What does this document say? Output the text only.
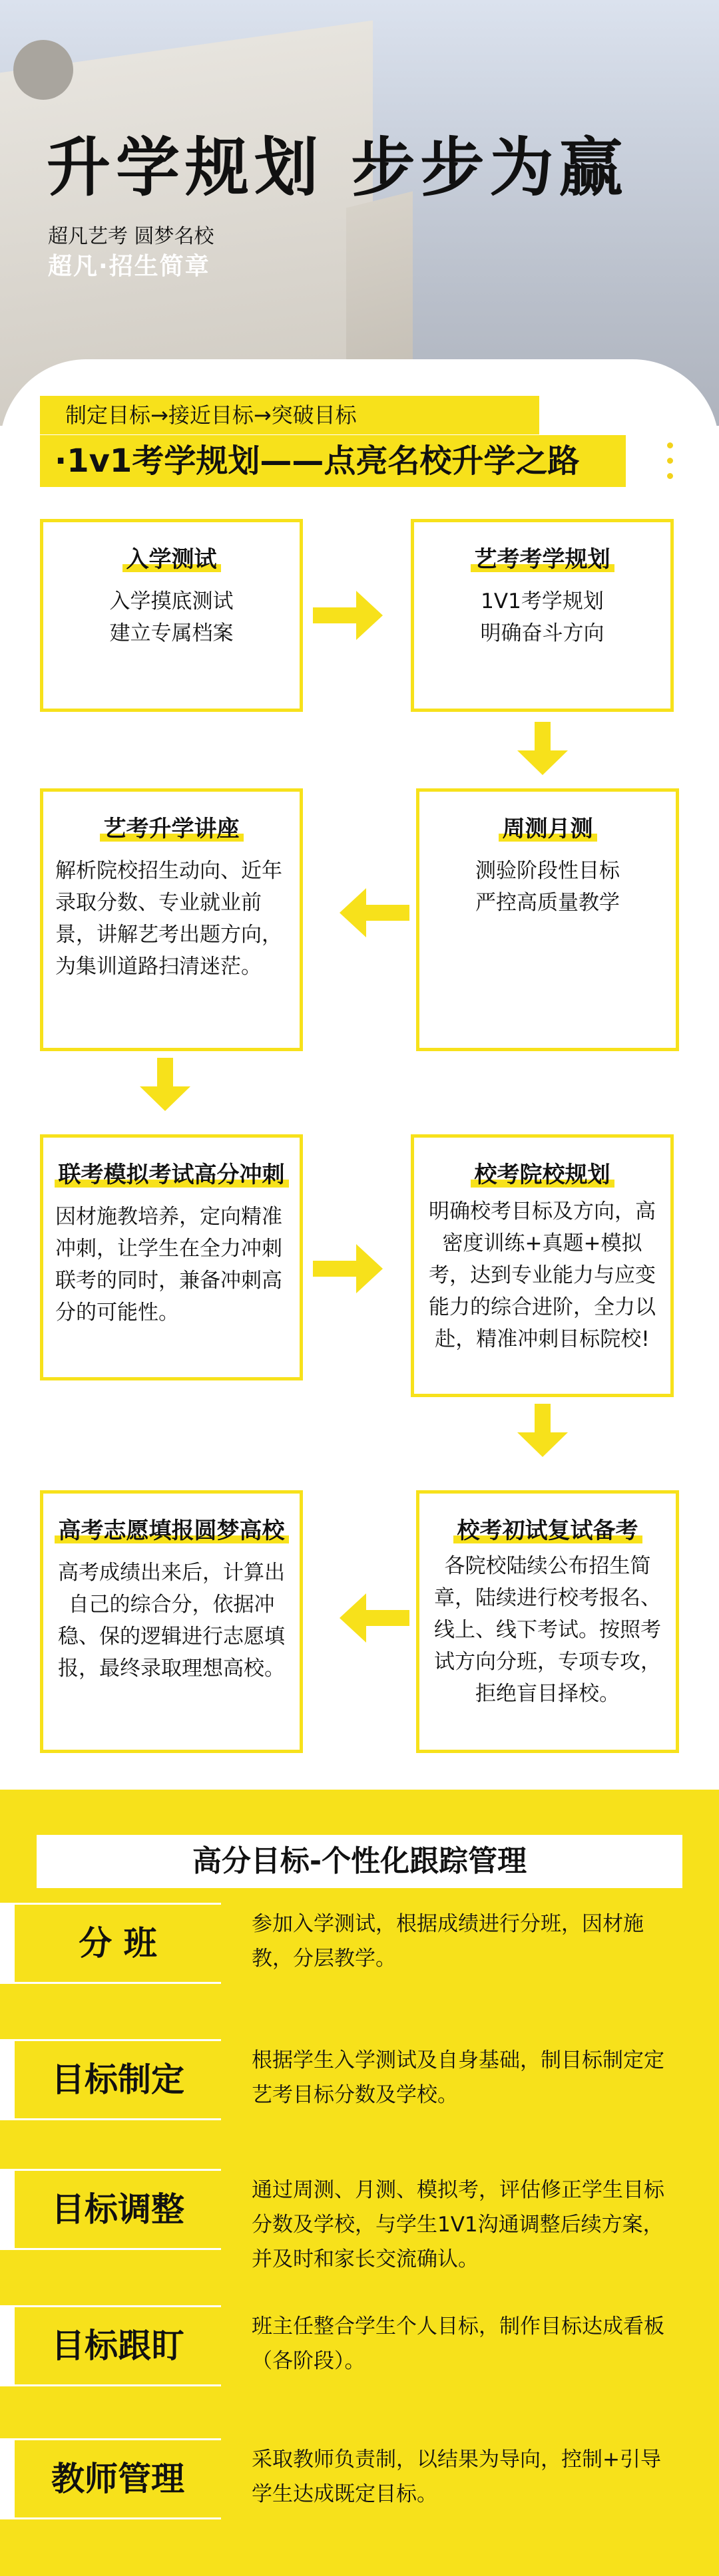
升学规划 步步为赢
超凡艺考 圆梦名校
超凡·招生简章
制定目标→接近目标→突破目标
·1v1考学规划——点亮名校升学之路
入学测试
入学摸底测试
建立专属档案
艺考考学规划
1V1考学规划
明确奋斗方向
艺考升学讲座
解析院校招生动向、近年录取分数、专业就业前景，讲解艺考出题方向，为集训道路扫清迷茫。
周测月测
测验阶段性目标
严控高质量教学
联考模拟考试高分冲刺
因材施教培养，定向精准冲刺，让学生在全力冲刺联考的同时，兼备冲刺高分的可能性。
校考院校规划
明确校考目标及方向，高密度训练+真题+模拟考，达到专业能力与应变能力的综合进阶，全力以赴，精准冲刺目标院校!
高考志愿填报圆梦高校
高考成绩出来后，计算出自己的综合分，依据冲稳、保的逻辑进行志愿填报，最终录取理想高校。
校考初试复试备考
各院校陆续公布招生简章，陆续进行校考报名、线上、线下考试。按照考试方向分班，专项专攻，拒绝盲目择校。
高分目标-个性化跟踪管理
分 班	参加入学测试，根据成绩进行分班，因材施教，分层教学。
目标制定	根据学生入学测试及自身基础，制目标制定定艺考目标分数及学校。
目标调整	通过周测、月测、模拟考，评估修正学生目标分数及学校，与学生1V1沟通调整后续方案，并及时和家长交流确认。
目标跟盯	班主任整合学生个人目标，制作目标达成看板（各阶段）。
教师管理	采取教师负责制，以结果为导向，控制+引导学生达成既定目标。
